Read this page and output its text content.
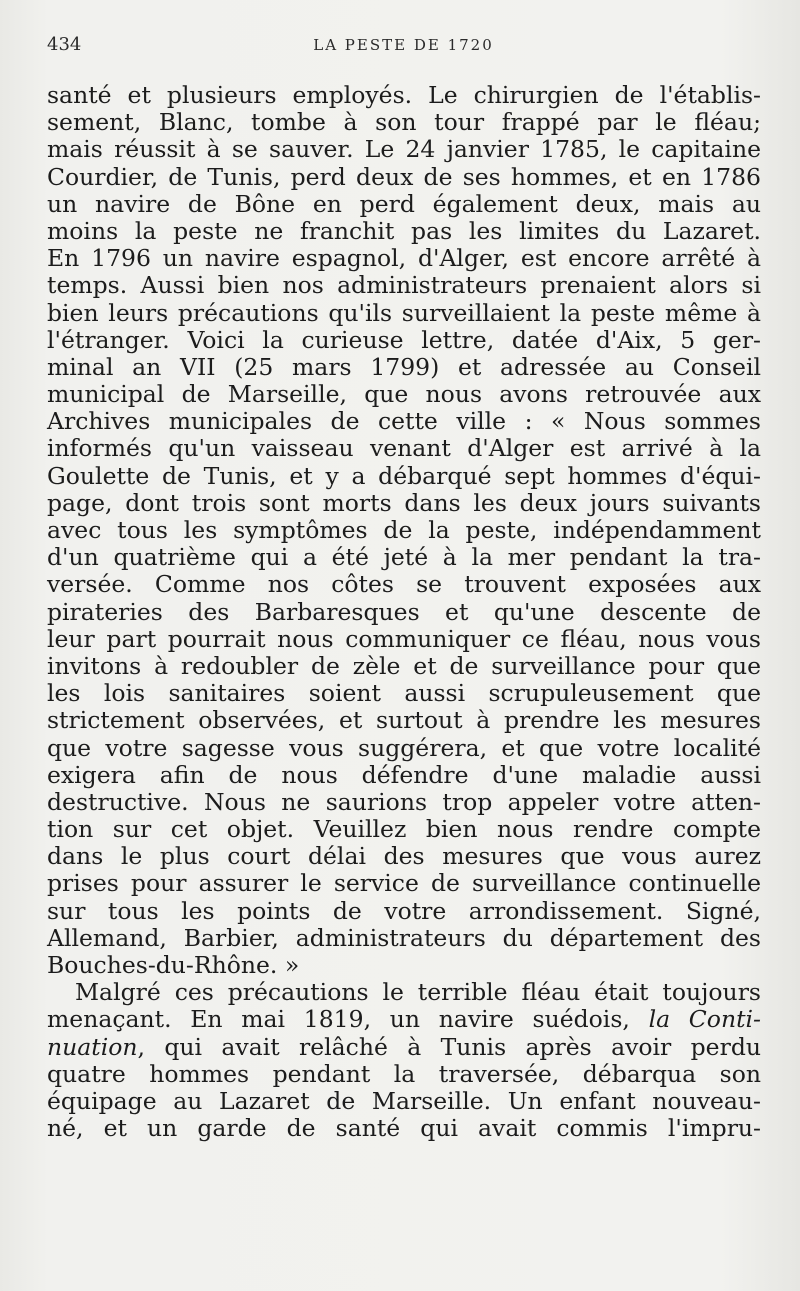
434	LA PESTE DE 1720
santé et plusieurs employés. Le chirurgien de l'établis-
sement, Blanc, tombe à son tour frappé par le fléau;
mais réussit à se sauver. Le 24 janvier 1785, le capitaine
Courdier, de Tunis, perd deux de ses hommes, et en 1786
un navire de Bône en perd également deux, mais au
moins la peste ne franchit pas les limites du Lazaret.
En 1796 un navire espagnol, d'Alger, est encore arrêté à
temps. Aussi bien nos administrateurs prenaient alors si
bien leurs précautions qu'ils surveillaient la peste même à
l'étranger. Voici la curieuse lettre, datée d'Aix, 5 ger-
minal an VII (25 mars 1799) et adressée au Conseil
municipal de Marseille, que nous avons retrouvée aux
Archives municipales de cette ville : « Nous sommes
informés qu'un vaisseau venant d'Alger est arrivé à la
Goulette de Tunis, et y a débarqué sept hommes d'équi-
page, dont trois sont morts dans les deux jours suivants
avec tous les symptômes de la peste, indépendamment
d'un quatrième qui a été jeté à la mer pendant la tra-
versée. Comme nos côtes se trouvent exposées aux
pirateries des Barbaresques et qu'une descente de
leur part pourrait nous communiquer ce fléau, nous vous
invitons à redoubler de zèle et de surveillance pour que
les lois sanitaires soient aussi scrupuleusement que
strictement observées, et surtout à prendre les mesures
que votre sagesse vous suggérera, et que votre localité
exigera afin de nous défendre d'une maladie aussi
destructive. Nous ne saurions trop appeler votre atten-
tion sur cet objet. Veuillez bien nous rendre compte
dans le plus court délai des mesures que vous aurez
prises pour assurer le service de surveillance continuelle
sur tous les points de votre arrondissement. Signé,
Allemand, Barbier, administrateurs du département des
Bouches-du-Rhône. »
Malgré ces précautions le terrible fléau était toujours
menaçant. En mai 1819, un navire suédois, la Conti-
nuation, qui avait relâché à Tunis après avoir perdu
quatre hommes pendant la traversée, débarqua son
équipage au Lazaret de Marseille. Un enfant nouveau-
né, et un garde de santé qui avait commis l'impru-
